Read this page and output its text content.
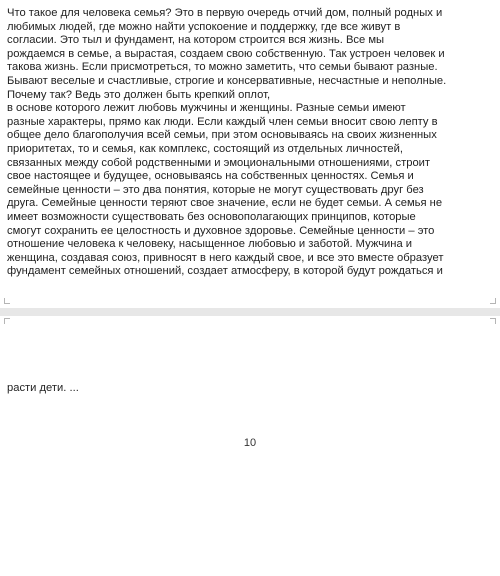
Что такое для человека семья? Это в первую очередь отчий дом, полный родных и
любимых людей, где можно найти успокоение и поддержку, где все живут в
согласии. Это тыл и фундамент, на котором строится вся жизнь. Все мы
рождаемся в семье, а вырастая, создаем свою собственную. Так устроен человек и
такова жизнь. Если присмотреться, то можно заметить, что семьи бывают разные.
Бывают веселые и счастливые, строгие и консервативные, несчастные и неполные.
Почему так? Ведь это должен быть крепкий оплот,
в основе которого лежит любовь мужчины и женщины. Разные семьи имеют
разные характеры, прямо как люди. Если каждый член семьи вносит свою лепту в
общее дело благополучия всей семьи, при этом основываясь на своих жизненных
приоритетах, то и семья, как комплекс, состоящий из отдельных личностей,
связанных между собой родственными и эмоциональными отношениями, строит
свое настоящее и будущее, основываясь на собственных ценностях. Семья и
семейные ценности – это два понятия, которые не могут существовать друг без
друга. Семейные ценности теряют свое значение, если не будет семьи. А семья не
имеет возможности существовать без основополагающих принципов, которые
смогут сохранить ее целостность и духовное здоровье. Семейные ценности – это
отношение человека к человеку, насыщенное любовью и заботой. Мужчина и
женщина, создавая союз, привносят в него каждый свое, и все это вместе образует
фундамент семейных отношений, создает атмосферу, в которой будут рождаться и

расти дети. ...
10
